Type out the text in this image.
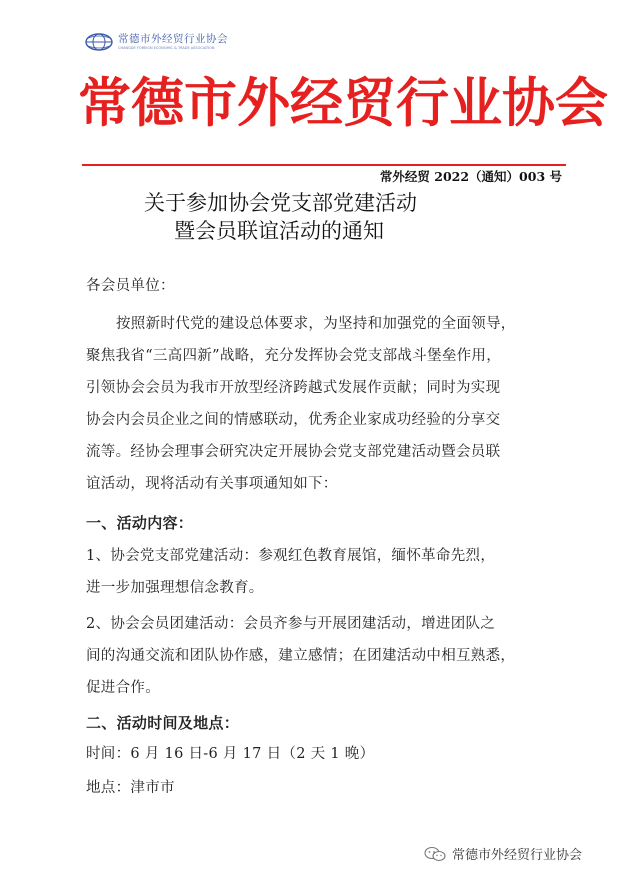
常德市外经贸行业协会
CHANGDE FOREIGN ECONOMIC & TRADE ASSOCIATION
常德市外经贸行业协会
常外经贸 2022（通知）003 号
关于参加协会党支部党建活动
暨会员联谊活动的通知
各会员单位：
按照新时代党的建设总体要求，为坚持和加强党的全面领导，
聚焦我省“三高四新”战略，充分发挥协会党支部战斗堡垒作用，
引领协会会员为我市开放型经济跨越式发展作贡献；同时为实现
协会内会员企业之间的情感联动，优秀企业家成功经验的分享交
流等。经协会理事会研究决定开展协会党支部党建活动暨会员联
谊活动，现将活动有关事项通知如下：
一、活动内容：
1、协会党支部党建活动：参观红色教育展馆，缅怀革命先烈，
进一步加强理想信念教育。
2、协会会员团建活动：会员齐参与开展团建活动，增进团队之
间的沟通交流和团队协作感，建立感情；在团建活动中相互熟悉，
促进合作。
二、活动时间及地点：
时间：6 月 16 日-6 月 17 日（2 天 1 晚）
地点：津市市
常德市外经贸行业协会
